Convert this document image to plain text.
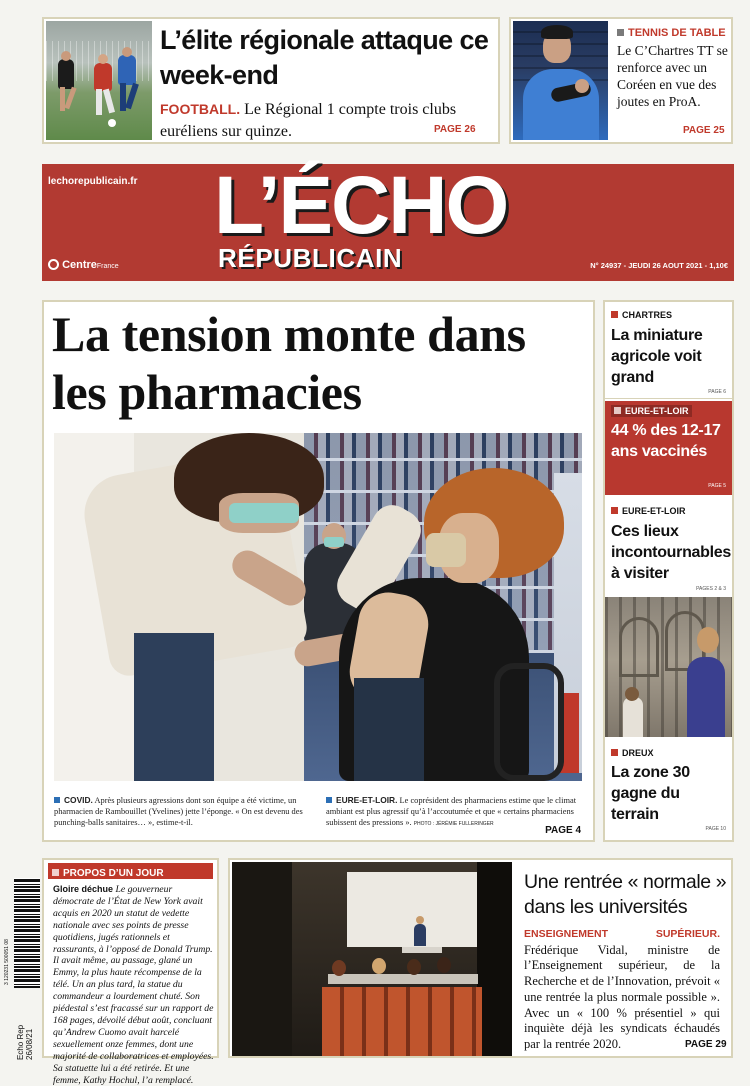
L’élite régionale attaque ce week-end
FOOTBALL. Le Régional 1 compte trois clubs euréliens sur quinze.	PAGE 26
TENNIS DE TABLE
Le C’Chartres TT se renforce avec un Coréen en vue des joutes en ProA.
PAGE 25
lechorepublicain.fr L’ÉCHO
RÉPUBLICAIN
CentreFrance	N° 24937 - JEUDI 26 AOUT 2021 - 1,10€
La tension monte dans les pharmacies
COVID. Après plusieurs agressions dont son équipe a été victime, un pharmacien de Rambouillet (Yvelines) jette l’éponge. « On est devenu des punching-balls sanitaires… », estime-t-il.
EURE-ET-LOIR. Le coprésident des pharmaciens estime que le climat ambiant est plus agressif qu’à l’accoutumée et que « certains pharmaciens subissent des pressions ». PHOTO : JÉRÉMIE FULLERINGER
PAGE 4
CHARTRES
La miniature agricole voit grand
PAGE 6
EURE-ET-LOIR
44 % des 12-17 ans vaccinés
PAGE 5
EURE-ET-LOIR
Ces lieux incontournables à visiter
PAGES 2 & 3
DREUX
La zone 30 gagne du terrain
PAGE 10
3 120231 500051 08
Echo Rep
26/08/21
PROPOS D’UN JOUR
Gloire déchue Le gouverneur démocrate de l’État de New York avait acquis en 2020 un statut de vedette nationale avec ses points de presse quotidiens, jugés rationnels et rassurants, à l’opposé de Donald Trump. Il avait même, au passage, glané un Emmy, la plus haute récompense de la télé. Un an plus tard, la statue du commandeur a lourdement chuté. Son piédestal s’est fracassé sur un rapport de 168 pages, dévoilé début août, concluant qu’Andrew Cuomo avait harcelé sexuellement onze femmes, dont une majorité de collaboratrices et employées. Sa statuette lui a été retirée. Et une femme, Kathy Hochul, l’a remplacé.
Une rentrée « normale » dans les universités
ENSEIGNEMENT SUPÉRIEUR. Frédérique Vidal, ministre de l’Enseignement supérieur, de la Recherche et de l’Innovation, prévoit « une rentrée la plus normale possible ». Avec un « 100 % présentiel » qui inquiète déjà les syndicats échaudés par la rentrée 2020.	PAGE 29
